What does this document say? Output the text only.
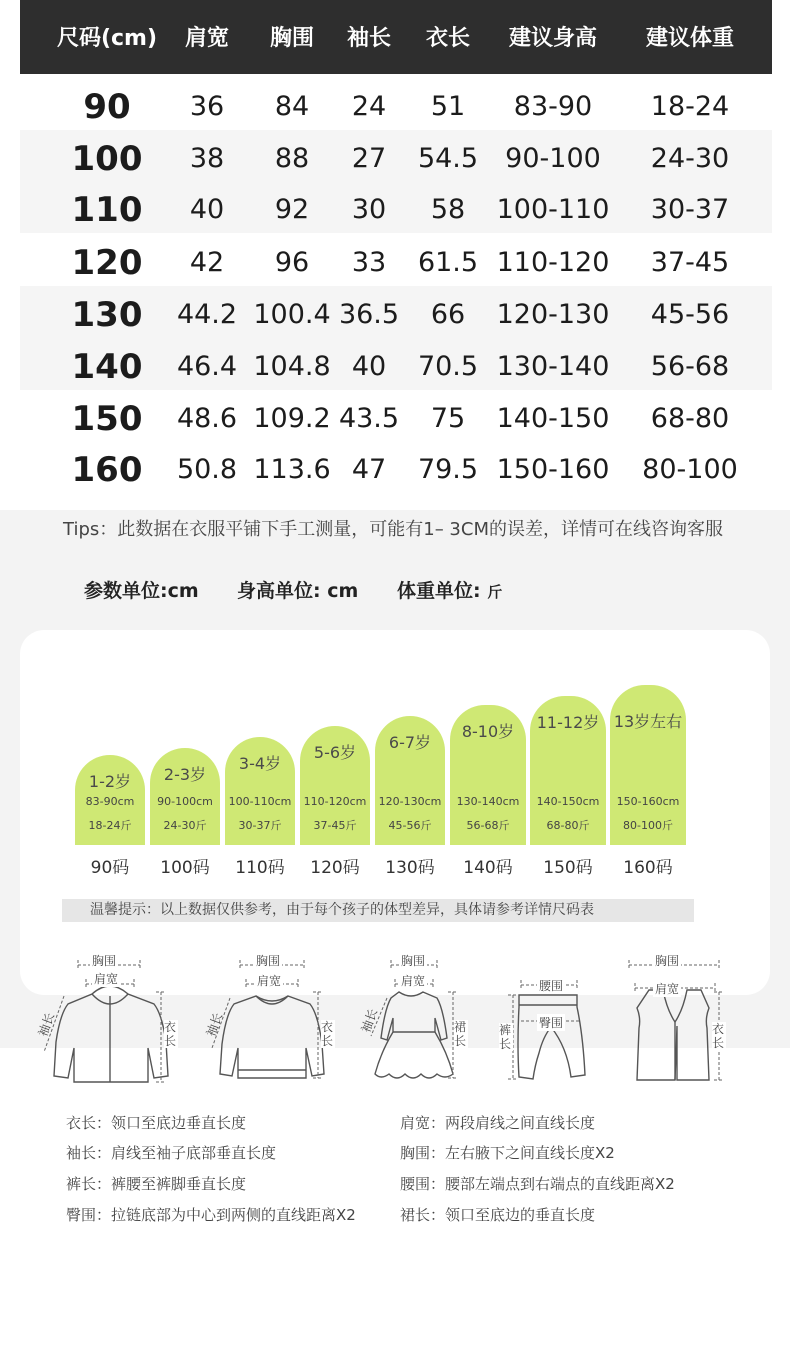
尺码(cm) 肩宽 胸围 袖长 衣长 建议身高 建议体重
90 36 84 24 51 83-90 18-24
100 38 88 27 54.5 90-100 24-30
110 40 92 30 58 100-110 30-37
120 42 96 33 61.5 110-120 37-45
130 44.2 100.4 36.5 66 120-130 45-56
140 46.4 104.8 40 70.5 130-140 56-68
150 48.6 109.2 43.5 75 140-150 68-80
160 50.8 113.6 47 79.5 150-160 80-100
Tips：此数据在衣服平铺下手工测量，可能有1– 3CM的误差，详情可在线咨询客服
参数单位:cm 身高单位: cm 体重单位: 斤
1-2岁
83-90cm
18-24斤
2-3岁
90-100cm
24-30斤
3-4岁
100-110cm
30-37斤
5-6岁
110-120cm
37-45斤
6-7岁
120-130cm
45-56斤
8-10岁
130-140cm
56-68斤
11-12岁
140-150cm
68-80斤
13岁左右
150-160cm
80-100斤
90码 100码 110码 120码 130码 140码 150码 160码
温馨提示：以上数据仅供参考，由于每个孩子的体型差异，具体请参考详情尺码表
胸围
肩宽
袖长	衣长
胸围
肩宽
袖长	衣长
胸围
肩宽
袖长	裙长
腰围
臀围
裤长
胸围
肩宽
衣长
衣长：领口至底边垂直长度	肩宽：两段肩线之间直线长度
袖长：肩线至袖子底部垂直长度	胸围：左右腋下之间直线长度X2
裤长：裤腰至裤脚垂直长度	腰围：腰部左端点到右端点的直线距离X2
臀围：拉链底部为中心到两侧的直线距离X2	裙长：领口至底边的垂直长度
